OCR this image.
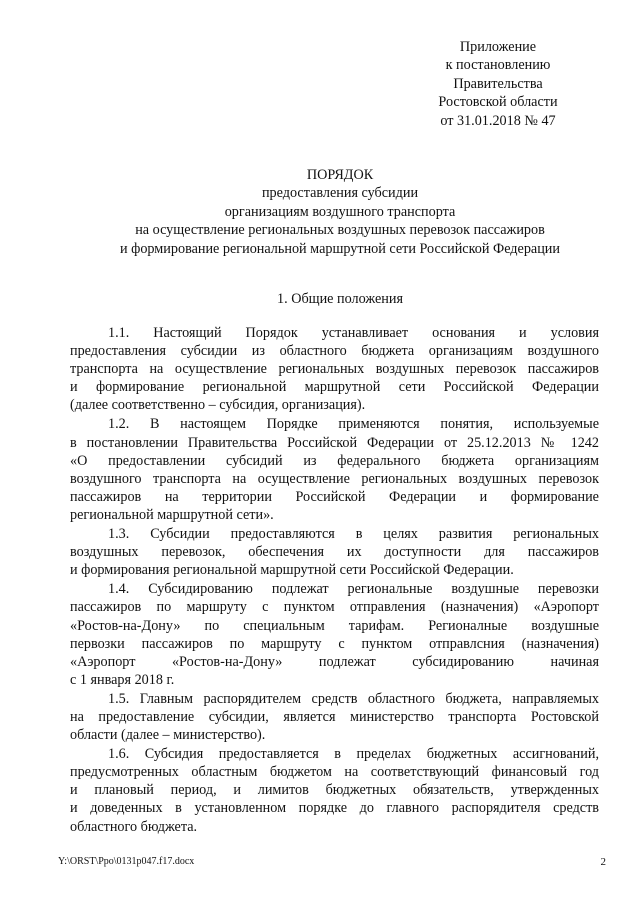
Приложение
к постановлению
Правительства
Ростовской области
от 31.01.2018 № 47
ПОРЯДОК
предоставления субсидии
организациям воздушного транспорта
на осуществление региональных воздушных перевозок пассажиров
и формирование региональной маршрутной сети Российской Федерации
1. Общие положения
1.1. Настоящий Порядок устанавливает основания и условия
предоставления субсидии из областного бюджета организациям воздушного
транспорта на осуществление региональных воздушных перевозок пассажиров
и формирование региональной маршрутной сети Российской Федерации
(далее соответственно – субсидия, организация).
1.2. В настоящем Порядке применяются понятия, используемые
в постановлении Правительства Российской Федерации от 25.12.2013 № 1242
«О предоставлении субсидий из федерального бюджета организациям
воздушного транспорта на осуществление региональных воздушных перевозок
пассажиров на территории Российской Федерации и формирование
региональной маршрутной сети».
1.3. Субсидии предоставляются в целях развития региональных
воздушных перевозок, обеспечения их доступности для пассажиров
и формирования региональной маршрутной сети Российской Федерации.
1.4. Субсидированию подлежат региональные воздушные перевозки
пассажиров по маршруту с пунктом отправления (назначения) «Аэропорт
«Ростов-на-Дону» по специальным тарифам. Регионалные воздушные
первозки пассажиров по маршруту с пунктом отправлcния (назначения)
«Аэропорт «Ростов-на-Дону» подлежат субсидированию начиная
с 1 января 2018 г.
1.5. Главным распорядителем средств областного бюджета, направляемых
на предоставление субсидии, является министерство транспорта Ростовской
области (далее – министерство).
1.6. Субсидия предоставляется в пределах бюджетных ассигнований,
предусмотренных областным бюджетом на соответствующий финансовый год
и плановый период, и лимитов бюджетных обязательств, утвержденных
и доведенных в установленном порядке до главного распорядителя средств
областного бюджета.
Y:\ORST\Ppo\0131p047.f17.docx	2
